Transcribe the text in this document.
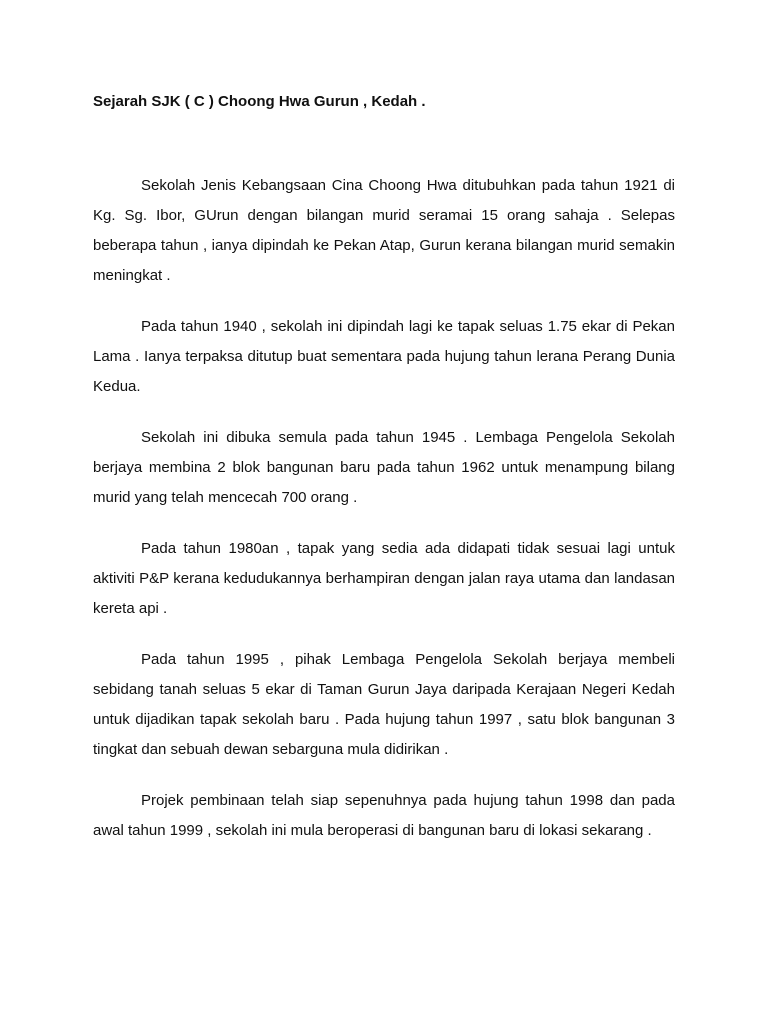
Sejarah SJK ( C ) Choong Hwa Gurun , Kedah .

Sekolah Jenis Kebangsaan Cina Choong Hwa ditubuhkan pada tahun 1921 di Kg. Sg. Ibor, GUrun dengan bilangan murid seramai 15 orang sahaja . Selepas beberapa tahun , ianya dipindah ke Pekan Atap, Gurun kerana bilangan murid semakin meningkat .

Pada tahun 1940 , sekolah ini dipindah lagi ke tapak seluas 1.75 ekar di Pekan Lama . Ianya terpaksa ditutup buat sementara pada hujung tahun lerana Perang Dunia Kedua.

Sekolah ini dibuka semula pada tahun 1945 . Lembaga Pengelola Sekolah berjaya membina 2 blok bangunan baru pada tahun 1962 untuk menampung bilang murid yang telah mencecah 700 orang .

Pada tahun 1980an , tapak yang sedia ada didapati tidak sesuai lagi untuk aktiviti P&P kerana kedudukannya berhampiran dengan jalan raya utama dan landasan kereta api .

Pada tahun 1995 , pihak Lembaga Pengelola Sekolah berjaya membeli sebidang tanah seluas 5 ekar di Taman Gurun Jaya daripada Kerajaan Negeri Kedah untuk dijadikan tapak sekolah baru . Pada hujung tahun 1997 , satu blok bangunan 3 tingkat dan sebuah dewan sebarguna mula didirikan .

Projek pembinaan telah siap sepenuhnya pada hujung tahun 1998 dan pada awal tahun 1999 , sekolah ini mula beroperasi di bangunan baru di lokasi sekarang .
